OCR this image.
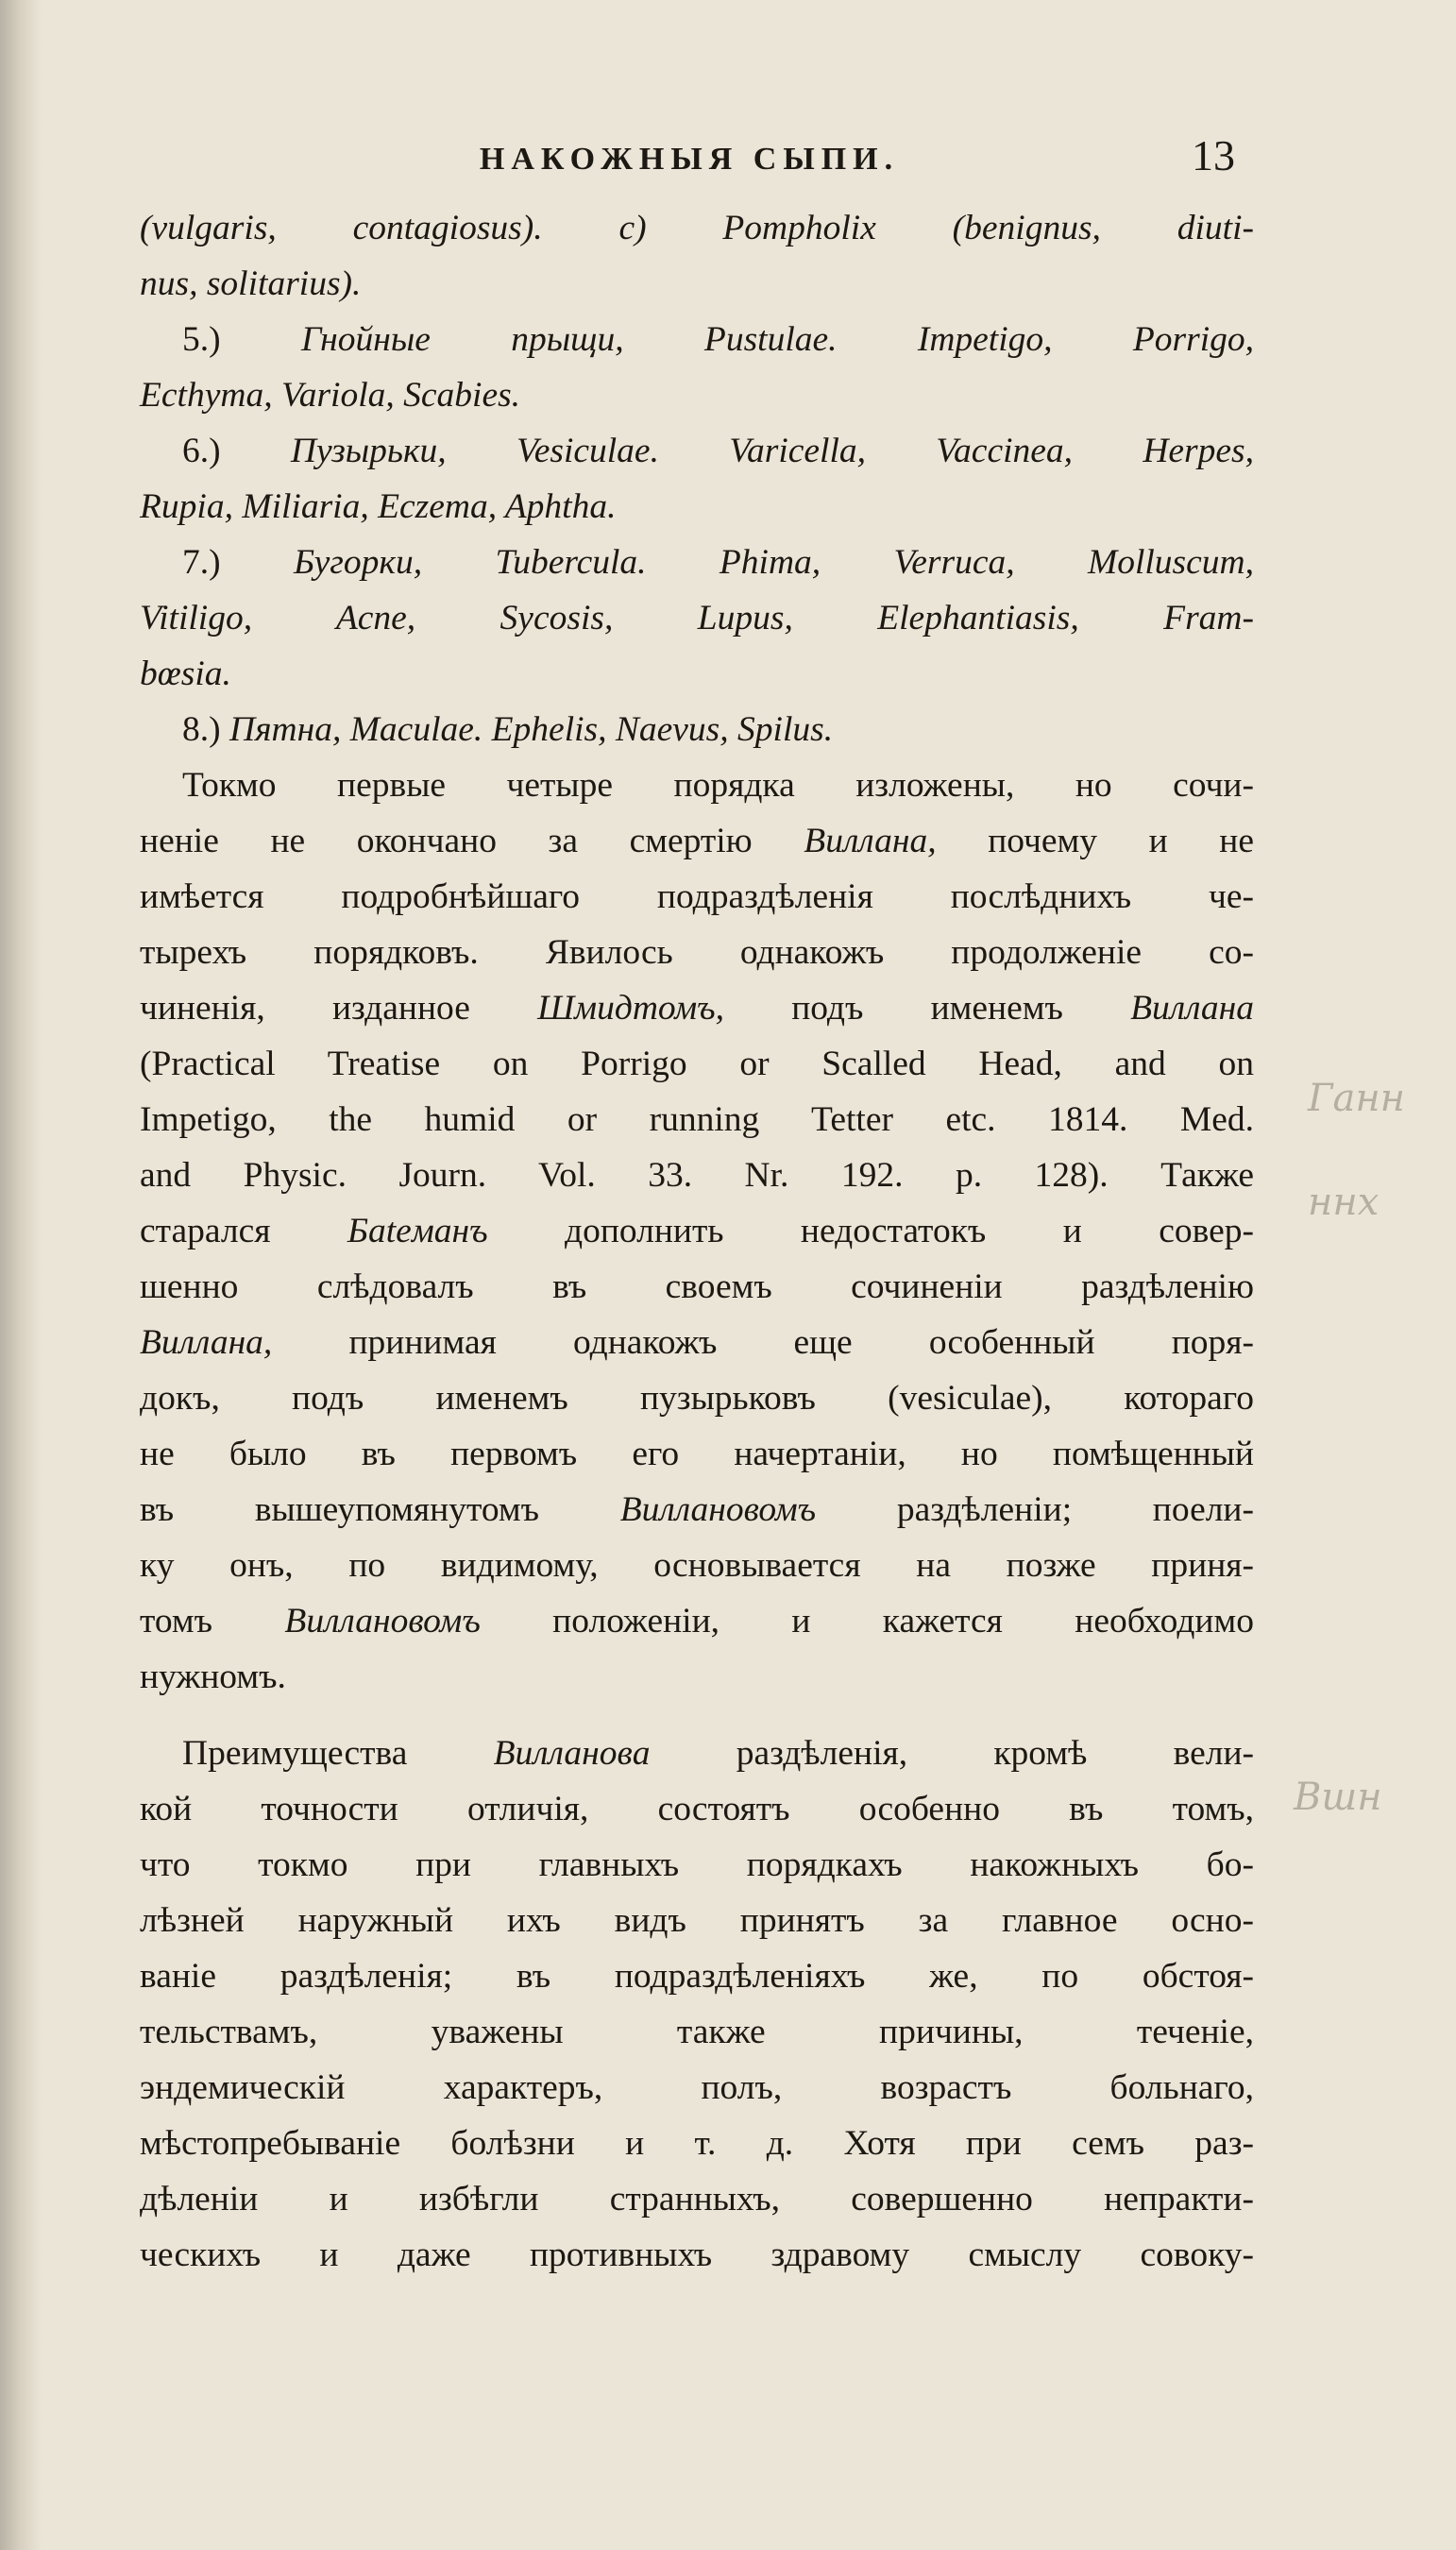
НАКОЖНЫЯ СЫПИ.	13
(vulgaris, contagiosus). c) Pompholix (benignus, diuti-
nus, solitarius).
5.) Гнойные прыщи, Pustulae. Impetigo, Porrigo,
Ecthyma, Variola, Scabies.
6.) Пузырьки, Vesiculae. Varicella, Vaccinea, Herpes,
Rupia, Miliaria, Eczema, Aphtha.
7.) Бугорки, Tubercula. Phima, Verruca, Molluscum,
Vitiligo, Acne, Sycosis, Lupus, Elephantiasis, Fram-
bœsia.
8.) Пятна, Maculae. Ephelis, Naevus, Spilus.
Токмо первые четыре порядка изложены, но сочи-
ненiе не окончано за смертiю Виллана, почему и не
имѣется подробнѣйшаго подраздѣленiя послѣднихъ че-
тырехъ порядковъ. Явилось однакожъ продолженiе со-
чиненiя, изданное Шмидтомъ, подъ именемъ Виллана
(Practical Treatise on Porrigo or Scalled Head, and on
Impetigo, the humid or running Tetter etc. 1814. Med.
and Physic. Journ. Vol. 33. Nr. 192. p. 128). Также
старался Бateманъ дополнить недостатокъ и совер-
шенно слѣдовалъ въ своемъ сочиненiи раздѣленiю
Виллана, принимая однакожъ еще особенный поря-
докъ, подъ именемъ пузырьковъ (vesiculae), котораго
не было въ первомъ его начертанiи, но помѣщенный
въ вышеупомянутомъ Виллановомъ раздѣленiи; поели-
ку онъ, по видимому, основывается на позже приня-
томъ Виллановомъ положенiи, и кажется необходимо
нужномъ.
Преимущества Виллановa раздѣленiя, кромѣ вели-
кой точности отличiя, состоятъ особенно въ томъ,
что токмо при главныхъ порядкахъ накожныхъ бо-
лѣзней наружный ихъ видъ принятъ за главное осно-
ванiе раздѣленiя; въ подраздѣленiяхъ же, по обстоя-
тельствамъ, уважены также причины, теченiе,
эндемическiй характеръ, полъ, возрастъ больнаго,
мѣстопребыванiе болѣзни и т. д. Хотя при семъ раз-
дѣленiи и избѣгли странныхъ, совершенно непракти-
ческихъ и даже противныхъ здравому смыслу совоку-
Ганн
ннх
Вшн
